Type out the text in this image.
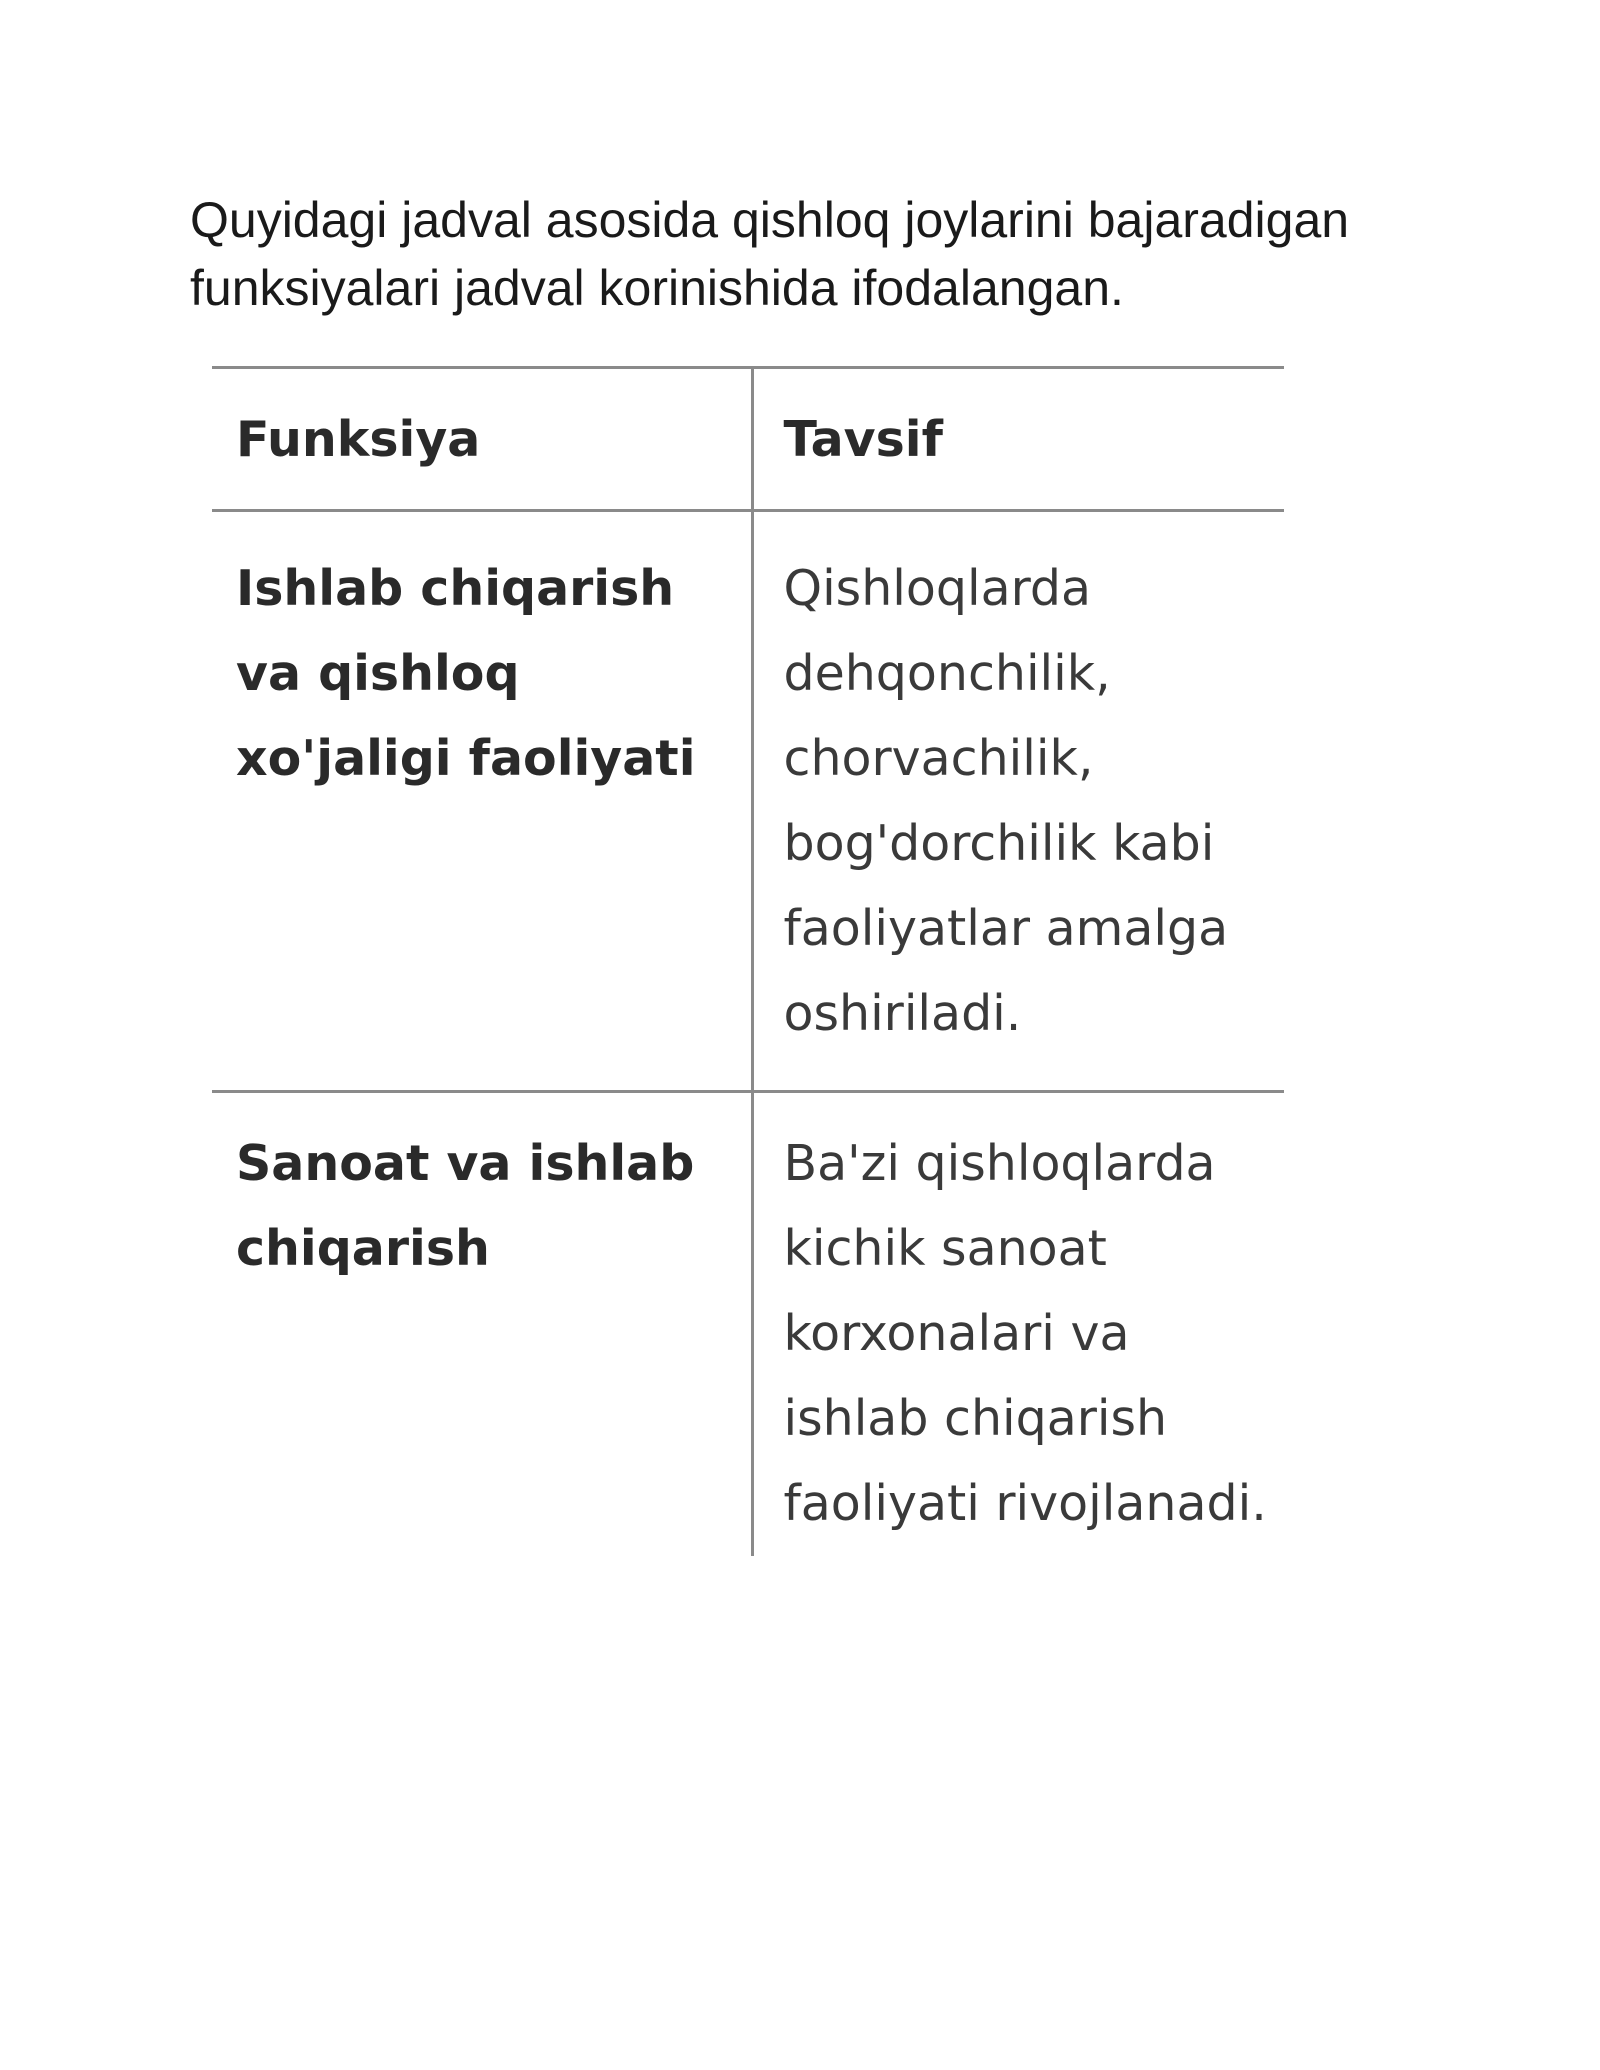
Quyidagi jadval asosida qishloq joylarini bajaradigan funksiyalari jadval korinishida ifodalangan.

Funksiya	Tavsif
Ishlab chiqarish va qishloq xo'jaligi faoliyati	Qishloqlarda dehqonchilik, chorvachilik, bog'dorchilik kabi faoliyatlar amalga oshiriladi.
Sanoat va ishlab chiqarish	Ba'zi qishloqlarda kichik sanoat korxonalari va ishlab chiqarish faoliyati rivojlanadi.
